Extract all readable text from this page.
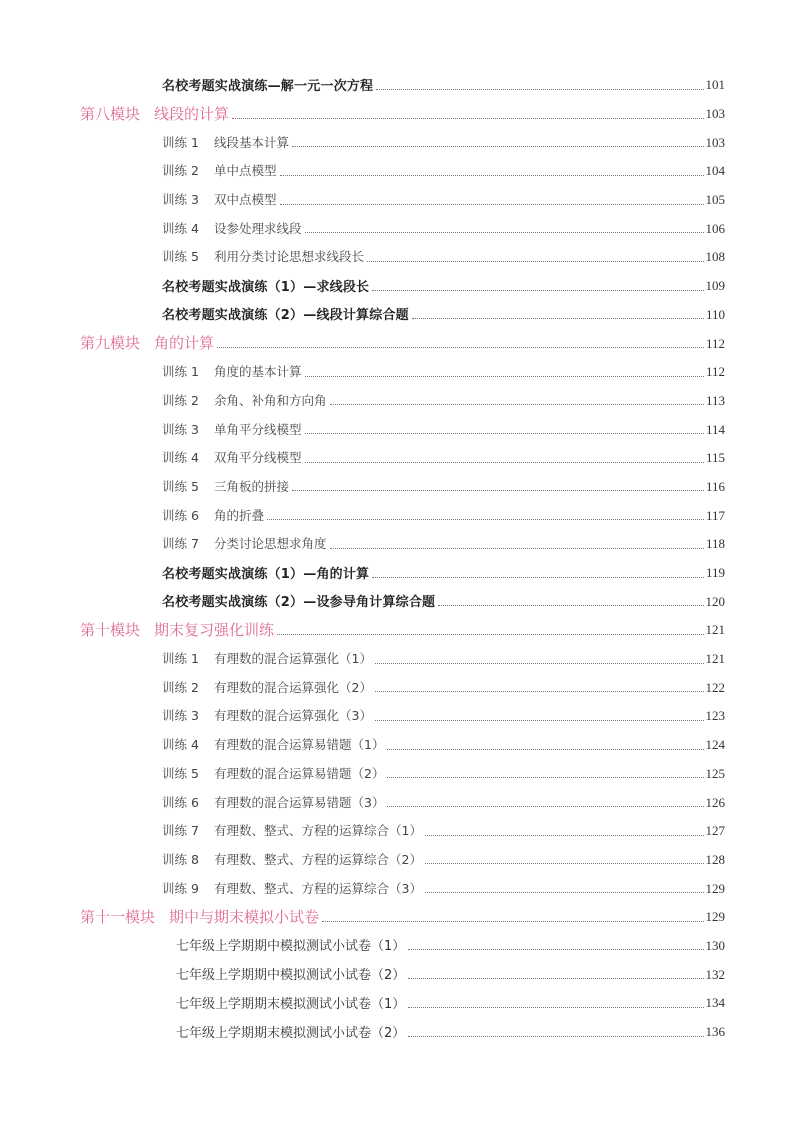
名校考题实战演练—解一元一次方程	101
第八模块 线段的计算	103
训练 1 线段基本计算	103
训练 2 单中点模型	104
训练 3 双中点模型	105
训练 4 设参处理求线段	106
训练 5 利用分类讨论思想求线段长	108
名校考题实战演练（1）—求线段长	109
名校考题实战演练（2）—线段计算综合题	110
第九模块 角的计算	112
训练 1 角度的基本计算	112
训练 2 余角、补角和方向角	113
训练 3 单角平分线模型	114
训练 4 双角平分线模型	115
训练 5 三角板的拼接	116
训练 6 角的折叠	117
训练 7 分类讨论思想求角度	118
名校考题实战演练（1）—角的计算	119
名校考题实战演练（2）—设参导角计算综合题	120
第十模块 期末复习强化训练	121
训练 1 有理数的混合运算强化（1）	121
训练 2 有理数的混合运算强化（2）	122
训练 3 有理数的混合运算强化（3）	123
训练 4 有理数的混合运算易错题（1）	124
训练 5 有理数的混合运算易错题（2）	125
训练 6 有理数的混合运算易错题（3）	126
训练 7 有理数、整式、方程的运算综合（1）	127
训练 8 有理数、整式、方程的运算综合（2）	128
训练 9 有理数、整式、方程的运算综合（3）	129
第十一模块 期中与期末模拟小试卷	129
七年级上学期期中模拟测试小试卷（1）	130
七年级上学期期中模拟测试小试卷（2）	132
七年级上学期期末模拟测试小试卷（1）	134
七年级上学期期末模拟测试小试卷（2）	136
